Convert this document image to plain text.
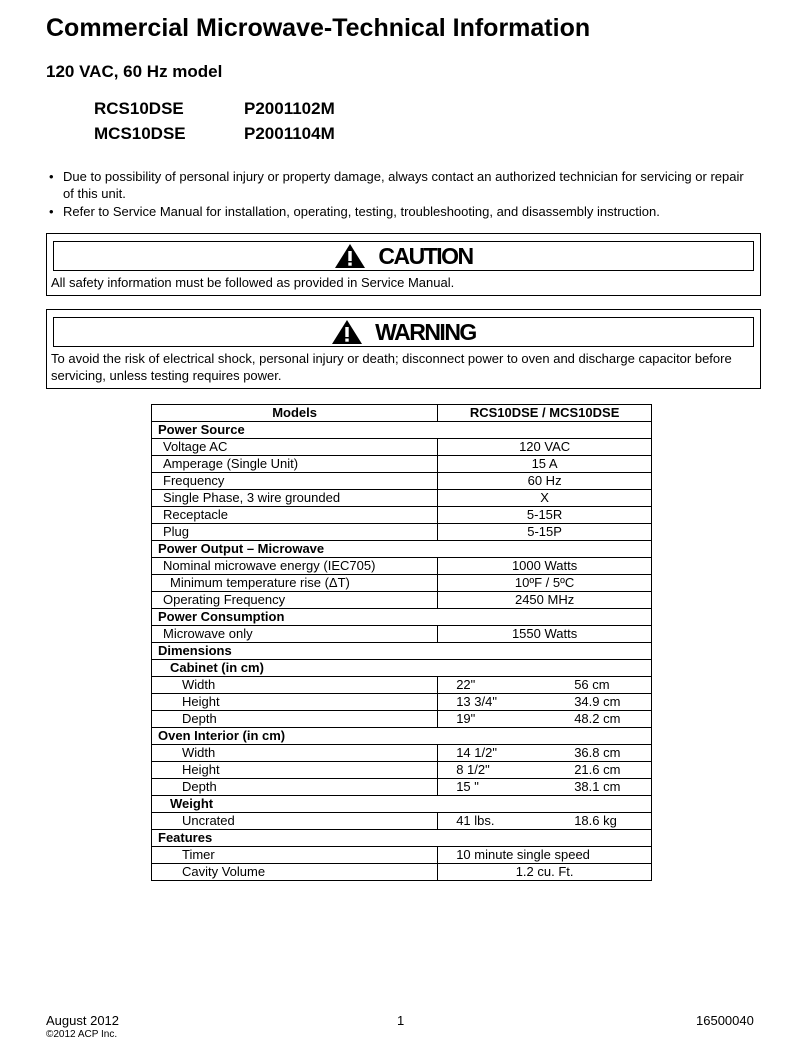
Commercial Microwave-Technical Information
120 VAC, 60 Hz model
RCS10DSE	P2001102M
MCS10DSE	P2001104M
• Due to possibility of personal injury or property damage, always contact an authorized technician for servicing or repair of this unit.
• Refer to Service Manual for installation, operating, testing, troubleshooting, and disassembly instruction.
CAUTION
All safety information must be followed as provided in Service Manual.
WARNING
To avoid the risk of electrical shock, personal injury or death; disconnect power to oven and discharge capacitor before servicing, unless testing requires power.
Models	RCS10DSE / MCS10DSE
Power Source	
Voltage AC	120 VAC
Amperage (Single Unit)	15 A
Frequency	60 Hz
Single Phase, 3 wire grounded	X
Receptacle	5-15R
Plug	5-15P
Power Output – Microwave	
Nominal microwave energy (IEC705)	1000 Watts
Minimum temperature rise (ΔT)	10ºF / 5ºC
Operating Frequency	2450 MHz
Power Consumption	
Microwave only	1550 Watts
Dimensions	
Cabinet (in cm)	
Width	22" 56 cm

Height	13 3/4" 34.9 cm

Depth	19" 48.2 cm

Oven Interior (in cm)	
Width	14 1/2" 36.8 cm

Height	8 1/2" 21.6 cm

Depth	15 " 38.1 cm

Weight	
Uncrated	41 lbs. 18.6 kg

Features	
Timer	10 minute single speed
Cavity Volume	1.2 cu. Ft.
August 2012
©2012 ACP Inc.
1	16500040
